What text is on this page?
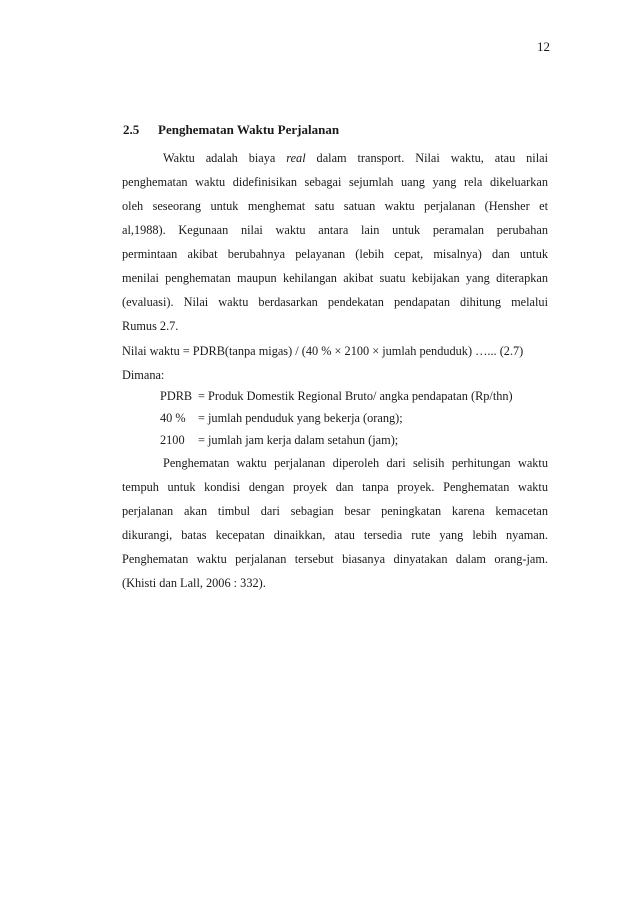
12
2.5 Penghematan Waktu Perjalanan
Waktu adalah biaya real dalam transport. Nilai waktu, atau nilai
penghematan waktu didefinisikan sebagai sejumlah uang yang rela dikeluarkan
oleh seseorang untuk menghemat satu satuan waktu perjalanan (Hensher et
al,1988). Kegunaan nilai waktu antara lain untuk peramalan perubahan
permintaan akibat berubahnya pelayanan (lebih cepat, misalnya) dan untuk
menilai penghematan maupun kehilangan akibat suatu kebijakan yang diterapkan
(evaluasi). Nilai waktu berdasarkan pendekatan pendapatan dihitung melalui
Rumus 2.7.
Nilai waktu = PDRB(tanpa migas) / (40 % × 2100 × jumlah penduduk) …... (2.7)
Dimana:
PDRB = Produk Domestik Regional Bruto/ angka pendapatan (Rp/thn)
40 %	= jumlah penduduk yang bekerja (orang);
2100	= jumlah jam kerja dalam setahun (jam);
Penghematan waktu perjalanan diperoleh dari selisih perhitungan waktu
tempuh untuk kondisi dengan proyek dan tanpa proyek. Penghematan waktu
perjalanan akan timbul dari sebagian besar peningkatan karena kemacetan
dikurangi, batas kecepatan dinaikkan, atau tersedia rute yang lebih nyaman.
Penghematan waktu perjalanan tersebut biasanya dinyatakan dalam orang-jam.
(Khisti dan Lall, 2006 : 332).
